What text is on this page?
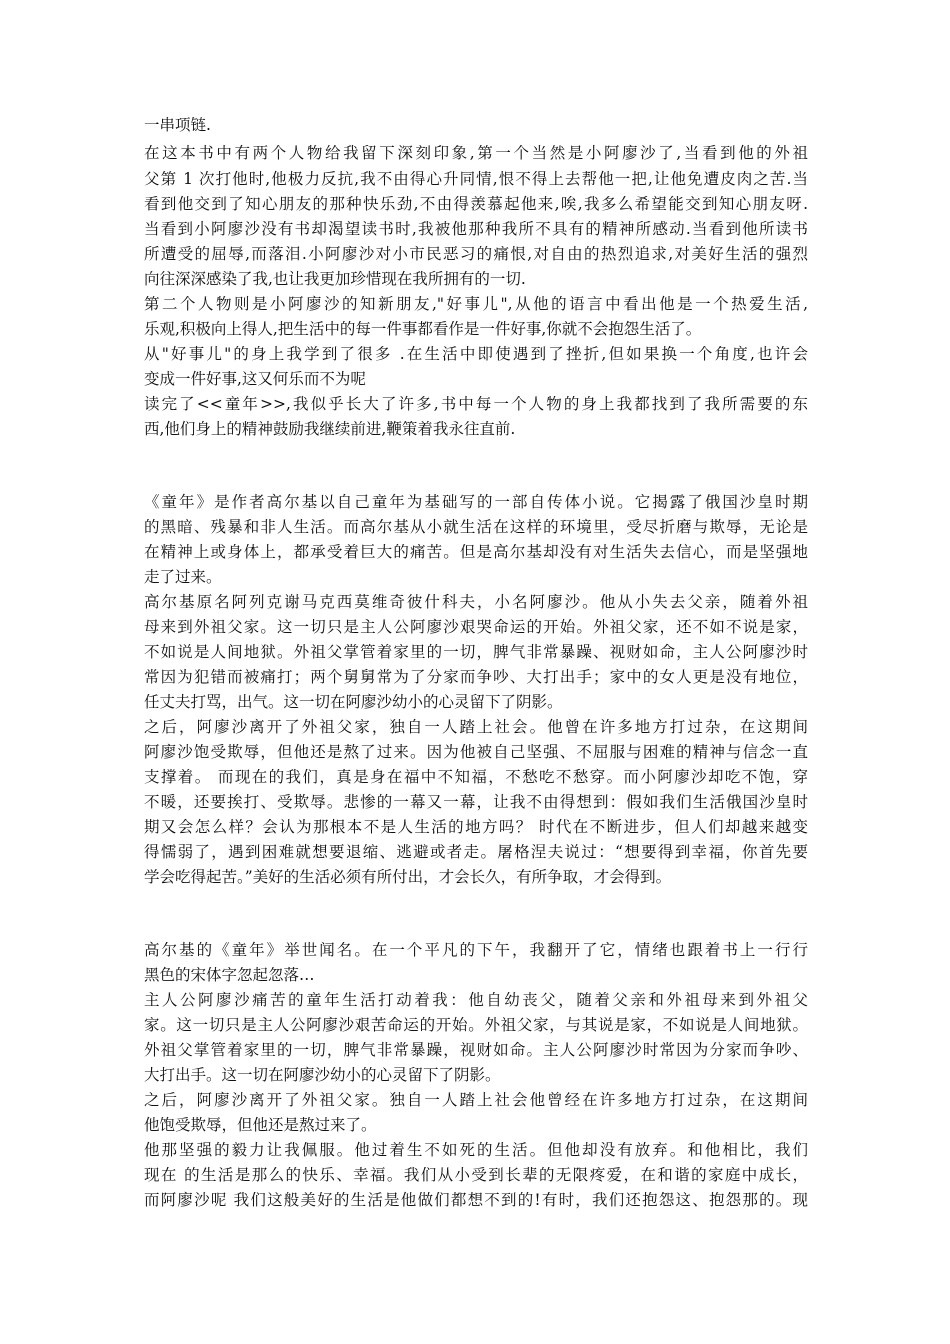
一串项链.
在这本书中有两个人物给我留下深刻印象,第一个当然是小阿廖沙了,当看到他的外祖
父第 1 次打他时,他极力反抗,我不由得心升同情,恨不得上去帮他一把,让他免遭皮肉之苦.当
看到他交到了知心朋友的那种快乐劲,不由得羡慕起他来,唉,我多么希望能交到知心朋友呀.
当看到小阿廖沙没有书却渴望读书时,我被他那种我所不具有的精神所感动.当看到他所读书
所遭受的屈辱,而落泪.小阿廖沙对小市民恶习的痛恨,对自由的热烈追求,对美好生活的强烈
向往深深感染了我,也让我更加珍惜现在我所拥有的一切.
第二个人物则是小阿廖沙的知新朋友,"好事儿",从他的语言中看出他是一个热爱生活,
乐观,积极向上得人,把生活中的每一件事都看作是一件好事,你就不会抱怨生活了。
从"好事儿"的身上我学到了很多 .在生活中即使遇到了挫折,但如果换一个角度,也许会
变成一件好事,这又何乐而不为呢
读完了<<童年>>,我似乎长大了许多,书中每一个人物的身上我都找到了我所需要的东
西,他们身上的精神鼓励我继续前进,鞭策着我永往直前.
《童年》是作者高尔基以自己童年为基础写的一部自传体小说。它揭露了俄国沙皇时期
的黑暗、残暴和非人生活。而高尔基从小就生活在这样的环境里，受尽折磨与欺辱，无论是
在精神上或身体上，都承受着巨大的痛苦。但是高尔基却没有对生活失去信心，而是坚强地
走了过来。
高尔基原名阿列克谢马克西莫维奇彼什科夫，小名阿廖沙。他从小失去父亲，随着外祖
母来到外祖父家。这一切只是主人公阿廖沙艰哭命运的开始。外祖父家，还不如不说是家，
不如说是人间地狱。外祖父掌管着家里的一切，脾气非常暴躁、视财如命，主人公阿廖沙时
常因为犯错而被痛打；两个舅舅常为了分家而争吵、大打出手；家中的女人更是没有地位，
任丈夫打骂，出气。这一切在阿廖沙幼小的心灵留下了阴影。
之后，阿廖沙离开了外祖父家，独自一人踏上社会。他曾在许多地方打过杂，在这期间
阿廖沙饱受欺辱，但他还是熬了过来。因为他被自己坚强、不屈服与困难的精神与信念一直
支撑着。 而现在的我们，真是身在福中不知福，不愁吃不愁穿。而小阿廖沙却吃不饱，穿
不暖，还要挨打、受欺辱。悲惨的一幕又一幕，让我不由得想到：假如我们生活俄国沙皇时
期又会怎么样？会认为那根本不是人生活的地方吗？ 时代在不断进步，但人们却越来越变
得懦弱了，遇到困难就想要退缩、逃避或者走。屠格涅夫说过：“想要得到幸福，你首先要
学会吃得起苦。”美好的生活必须有所付出，才会长久，有所争取，才会得到。
高尔基的《童年》举世闻名。在一个平凡的下午，我翻开了它，情绪也跟着书上一行行
黑色的宋体字忽起忽落…
主人公阿廖沙痛苦的童年生活打动着我：他自幼丧父，随着父亲和外祖母来到外祖父
家。这一切只是主人公阿廖沙艰苦命运的开始。外祖父家，与其说是家，不如说是人间地狱。
外祖父掌管着家里的一切，脾气非常暴躁，视财如命。主人公阿廖沙时常因为分家而争吵、
大打出手。这一切在阿廖沙幼小的心灵留下了阴影。
之后，阿廖沙离开了外祖父家。独自一人踏上社会他曾经在许多地方打过杂，在这期间
他饱受欺辱，但他还是熬过来了。
他那坚强的毅力让我佩服。他过着生不如死的生活。但他却没有放弃。和他相比，我们
现在 的生活是那么的快乐、幸福。我们从小受到长辈的无限疼爱，在和谐的家庭中成长，
而阿廖沙呢 我们这般美好的生活是他做们都想不到的!有时，我们还抱怨这、抱怨那的。现
